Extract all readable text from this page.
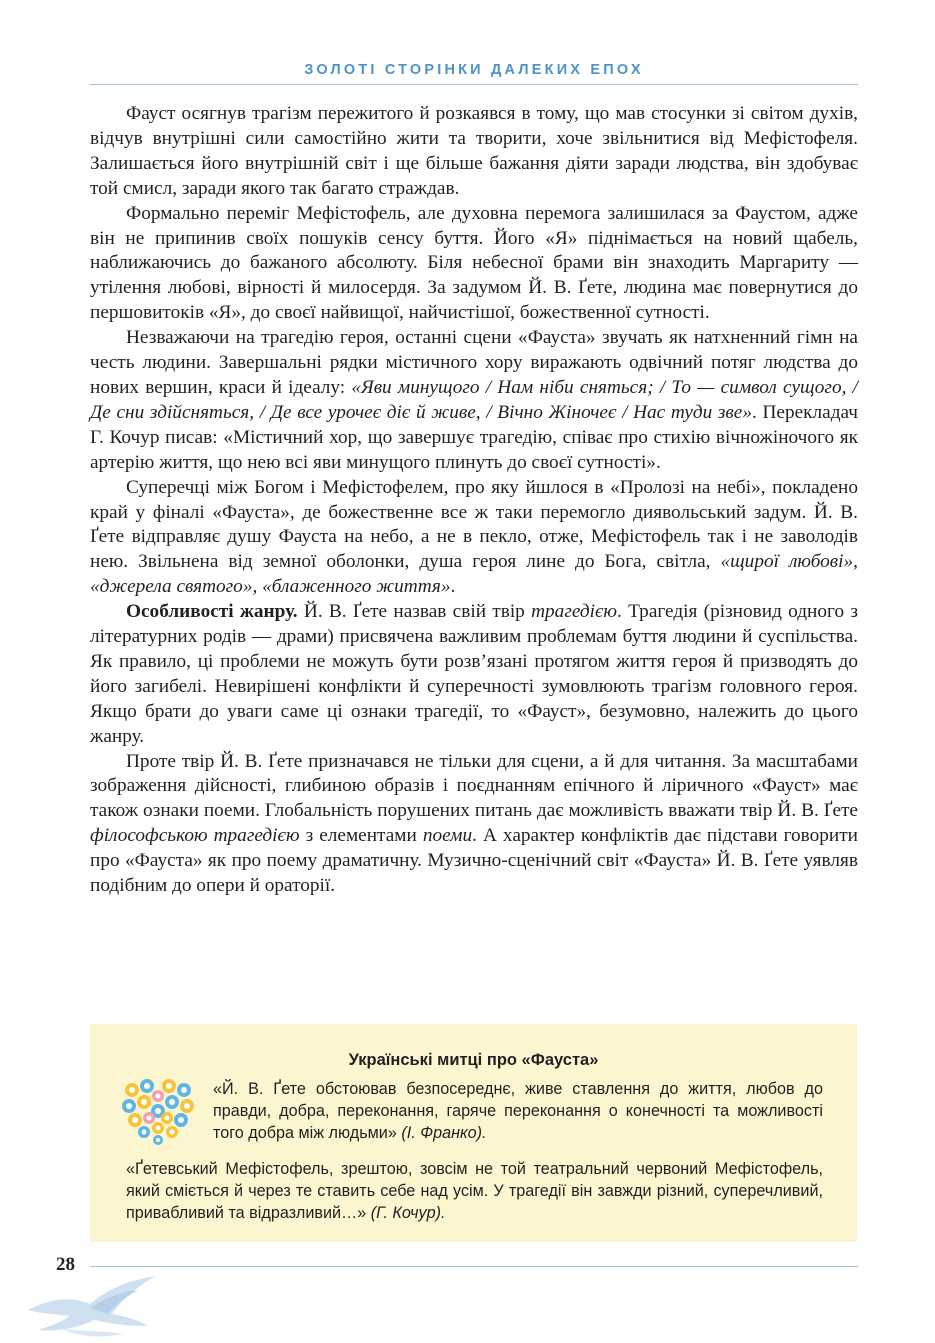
ЗОЛОТІ СТОРІНКИ ДАЛЕКИХ ЕПОХ

Фауст осягнув трагізм пережитого й розкаявся в тому, що мав стосунки зі світом духів, відчув внутрішні сили самостійно жити та творити, хоче звільнитися від Мефістофеля. Залишається його внутрішній світ і ще більше бажання діяти заради людства, він здобуває той смисл, заради якого так багато страждав.

Формально переміг Мефістофель, але духовна перемога залишилася за Фаустом, адже він не припинив своїх пошуків сенсу буття. Його «Я» піднімається на новий щабель, наближаючись до бажаного абсолюту. Біля небесної брами він знаходить Маргариту — утілення любові, вірності й милосердя. За задумом Й. В. Ґете, людина має повернутися до першовитоків «Я», до своєї найвищої, найчистішої, божественної сутності.

Незважаючи на трагедію героя, останні сцени «Фауста» звучать як натхненний гімн на честь людини. Завершальні рядки містичного хору виражають одвічний потяг людства до нових вершин, краси й ідеалу: «Яви минущого / Нам ніби сняться; / То — символ сущого, / Де сни здійсняться, / Де все урочеє діє й живе, / Вічно Жіночеє / Нас туди зве». Перекладач Г. Кочур писав: «Містичний хор, що завершує трагедію, співає про стихію вічножіночого як артерію життя, що нею всі яви минущого плинуть до своєї сутності».

Суперечці між Богом і Мефістофелем, про яку йшлося в «Пролозі на небі», покладено край у фіналі «Фауста», де божественне все ж таки перемогло диявольський задум. Й. В. Ґете відправляє душу Фауста на небо, а не в пекло, отже, Мефістофель так і не заволодів нею. Звільнена від земної оболонки, душа героя лине до Бога, світла, «щирої любові», «джерела святого», «блаженного життя».

Особливості жанру. Й. В. Ґете назвав свій твір трагедією. Трагедія (різновид одного з літературних родів — драми) присвячена важливим проблемам буття людини й суспільства. Як правило, ці проблеми не можуть бути розв’язані протягом життя героя й призводять до його загибелі. Невирішені конфлікти й суперечності зумовлюють трагізм головного героя. Якщо брати до уваги саме ці ознаки трагедії, то «Фауст», безумовно, належить до цього жанру.

Проте твір Й. В. Ґете призначався не тільки для сцени, а й для читання. За масштабами зображення дійсності, глибиною образів і поєднанням епічного й ліричного «Фауст» має також ознаки поеми. Глобальність порушених питань дає можливість вважати твір Й. В. Ґете філософською трагедією з елементами поеми. А характер конфліктів дає підстави говорити про «Фауста» як про поему драматичну. Музично-сценічний світ «Фауста» Й. В. Ґете уявляв подібним до опери й ораторії.

Українські митці про «Фауста»
«Й. В. Ґете обстоював безпосереднє, живе ставлення до життя, любов до правди, добра, переконання, гаряче переконання о конечності та можливості того добра між людьми» (І. Франко).
«Ґетевський Мефістофель, зрештою, зовсім не той театральний червоний Мефістофель, який сміється й через те ставить себе над усім. У трагедії він завжди різний, суперечливий, привабливий та відразливий…» (Г. Кочур).
28
